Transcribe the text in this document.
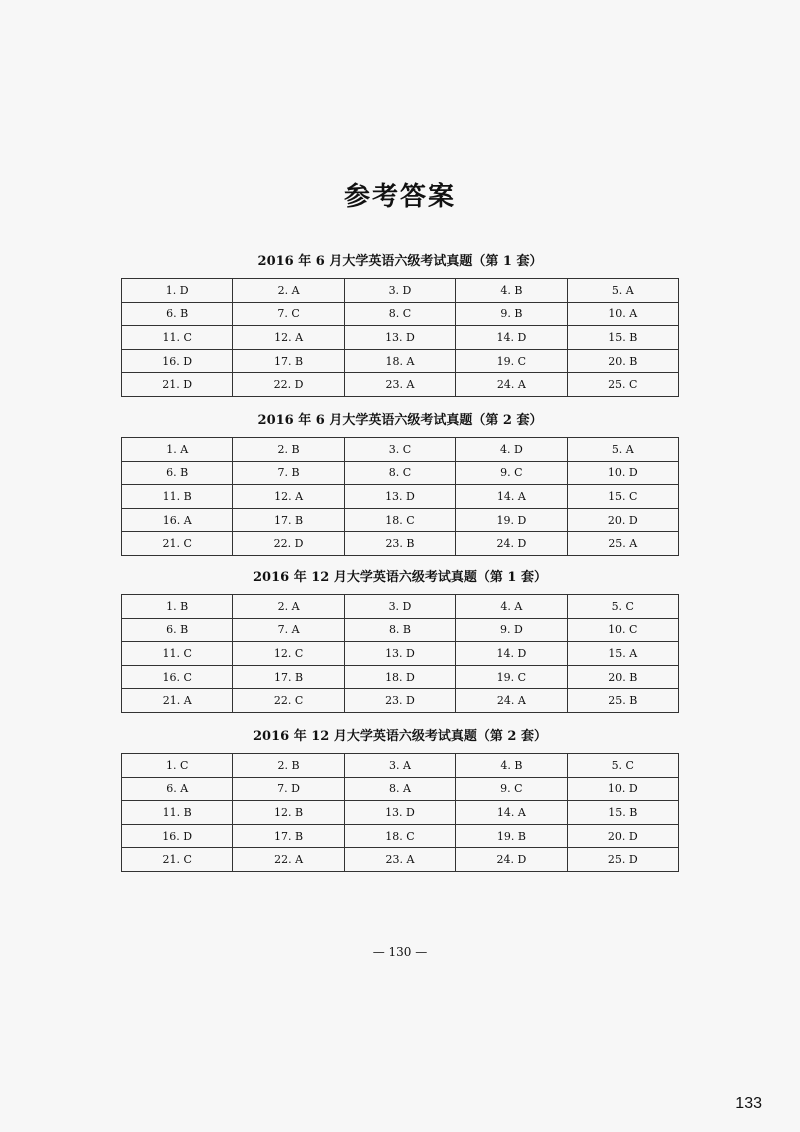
参考答案
2016 年 6 月大学英语六级考试真题（第 1 套）
1. D	2. A	3. D	4. B	5. A
6. B	7. C	8. C	9. B	10. A
11. C	12. A	13. D	14. D	15. B
16. D	17. B	18. A	19. C	20. B
21. D	22. D	23. A	24. A	25. C
2016 年 6 月大学英语六级考试真题（第 2 套）
1. A	2. B	3. C	4. D	5. A
6. B	7. B	8. C	9. C	10. D
11. B	12. A	13. D	14. A	15. C
16. A	17. B	18. C	19. D	20. D
21. C	22. D	23. B	24. D	25. A
2016 年 12 月大学英语六级考试真题（第 1 套）
1. B	2. A	3. D	4. A	5. C
6. B	7. A	8. B	9. D	10. C
11. C	12. C	13. D	14. D	15. A
16. C	17. B	18. D	19. C	20. B
21. A	22. C	23. D	24. A	25. B
2016 年 12 月大学英语六级考试真题（第 2 套）
1. C	2. B	3. A	4. B	5. C
6. A	7. D	8. A	9. C	10. D
11. B	12. B	13. D	14. A	15. B
16. D	17. B	18. C	19. B	20. D
21. C	22. A	23. A	24. D	25. D
— 130 —
133
